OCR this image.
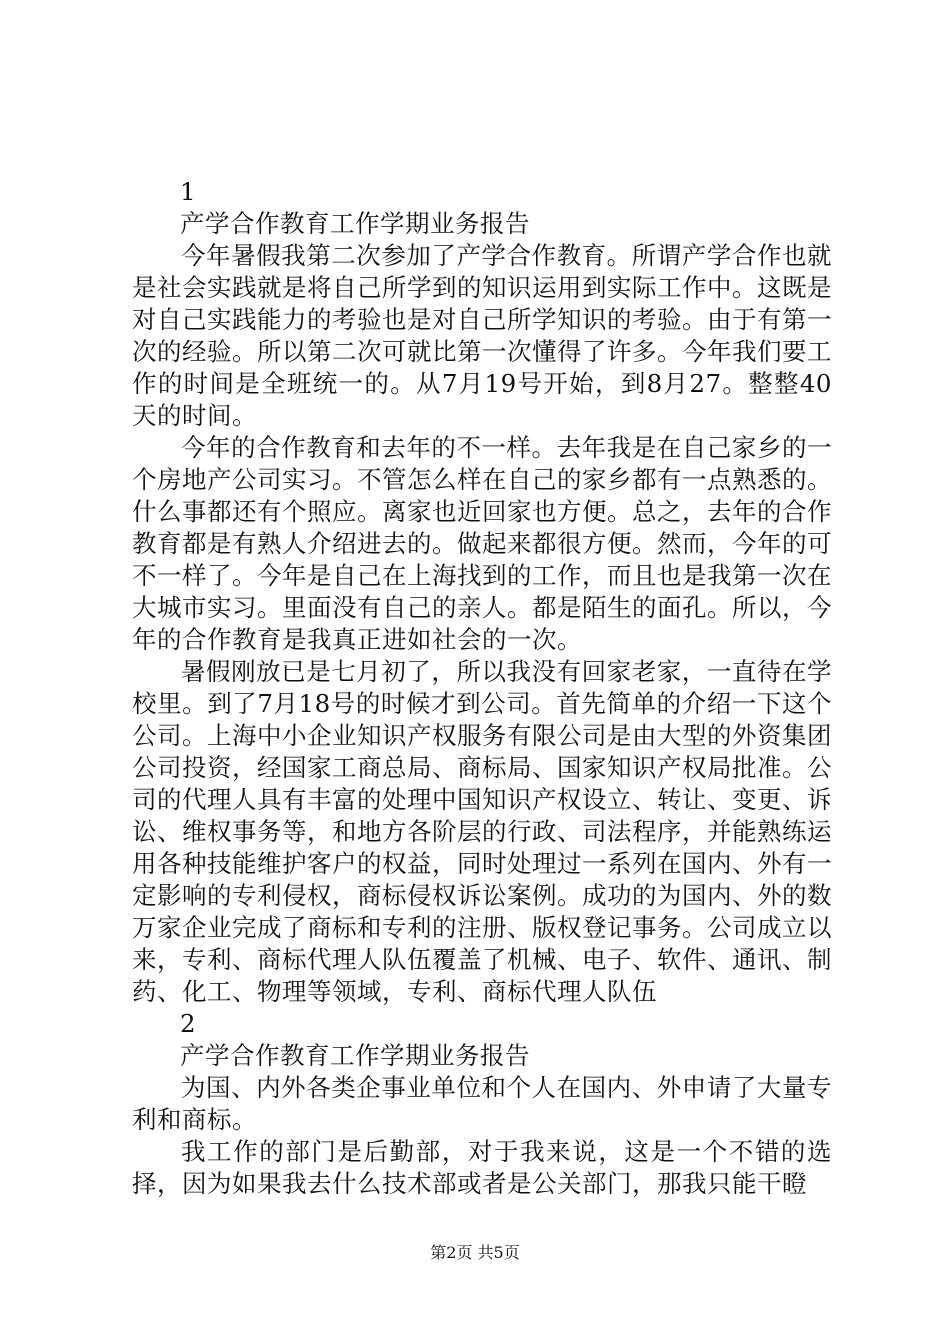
1
产学合作教育工作学期业务报告

今年暑假我第二次参加了产学合作教育。所谓产学合作也就是社会实践就是将自己所学到的知识运用到实际工作中。这既是对自己实践能力的考验也是对自己所学知识的考验。由于有第一次的经验。所以第二次可就比第一次懂得了许多。今年我们要工作的时间是全班统一的。从7月19号开始，到8月27。整整40天的时间。

今年的合作教育和去年的不一样。去年我是在自己家乡的一个房地产公司实习。不管怎么样在自己的家乡都有一点熟悉的。什么事都还有个照应。离家也近回家也方便。总之，去年的合作教育都是有熟人介绍进去的。做起来都很方便。然而，今年的可不一样了。今年是自己在上海找到的工作，而且也是我第一次在大城市实习。里面没有自己的亲人。都是陌生的面孔。所以，今年的合作教育是我真正进如社会的一次。

暑假刚放已是七月初了，所以我没有回家老家，一直待在学校里。到了7月18号的时候才到公司。首先简单的介绍一下这个公司。上海中小企业知识产权服务有限公司是由大型的外资集团公司投资，经国家工商总局、商标局、国家知识产权局批准。公司的代理人具有丰富的处理中国知识产权设立、转让、变更、诉讼、维权事务等，和地方各阶层的行政、司法程序，并能熟练运用各种技能维护客户的权益，同时处理过一系列在国内、外有一定影响的专利侵权，商标侵权诉讼案例。成功的为国内、外的数万家企业完成了商标和专利的注册、版权登记事务。公司成立以来，专利、商标代理人队伍覆盖了机械、电子、软件、通讯、制药、化工、物理等领域，专利、商标代理人队伍

2
产学合作教育工作学期业务报告

为国、内外各类企事业单位和个人在国内、外申请了大量专利和商标。

我工作的部门是后勤部，对于我来说，这是一个不错的选择，因为如果我去什么技术部或者是公关部门，那我只能干瞪

第2页 共5页
